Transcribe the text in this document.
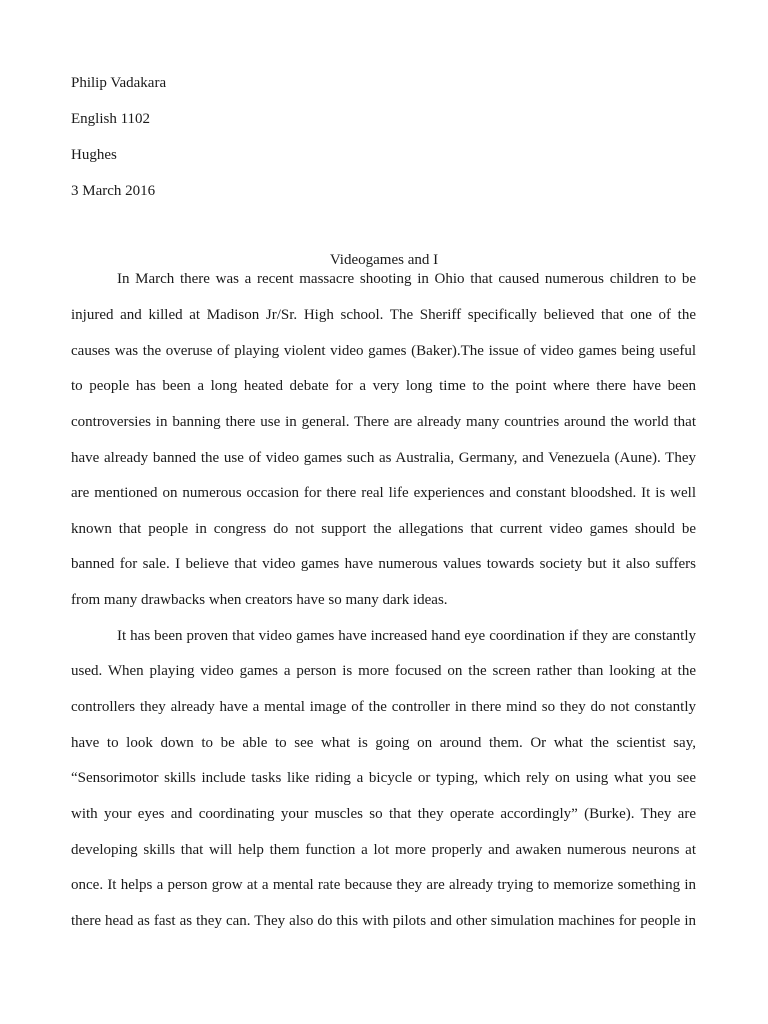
Philip Vadakara
English 1102
Hughes
3 March 2016
Videogames and I
In March there was a recent massacre shooting in Ohio that caused numerous children to be
injured and killed at Madison Jr/Sr. High school. The Sheriff specifically believed that one of the
causes was the overuse of playing violent video games (Baker).The issue of video games being useful
to people has been a long heated debate for a very long time to the point where there have been
controversies in banning there use in general. There are already many countries around the world that
have already banned the use of video games such as Australia, Germany, and Venezuela (Aune). They
are mentioned on numerous occasion for there real life experiences and constant bloodshed. It is well
known that people in congress do not support the allegations that current video games should be
banned for sale. I believe that video games have numerous values towards society but it also suffers
from many drawbacks when creators have so many dark ideas.
It has been proven that video games have increased hand eye coordination if they are constantly
used. When playing video games a person is more focused on the screen rather than looking at the
controllers they already have a mental image of the controller in there mind so they do not constantly
have to look down to be able to see what is going on around them. Or what the scientist say,
“Sensorimotor skills include tasks like riding a bicycle or typing, which rely on using what you see
with your eyes and coordinating your muscles so that they operate accordingly” (Burke). They are
developing skills that will help them function a lot more properly and awaken numerous neurons at
once. It helps a person grow at a mental rate because they are already trying to memorize something in
there head as fast as they can. They also do this with pilots and other simulation machines for people in
